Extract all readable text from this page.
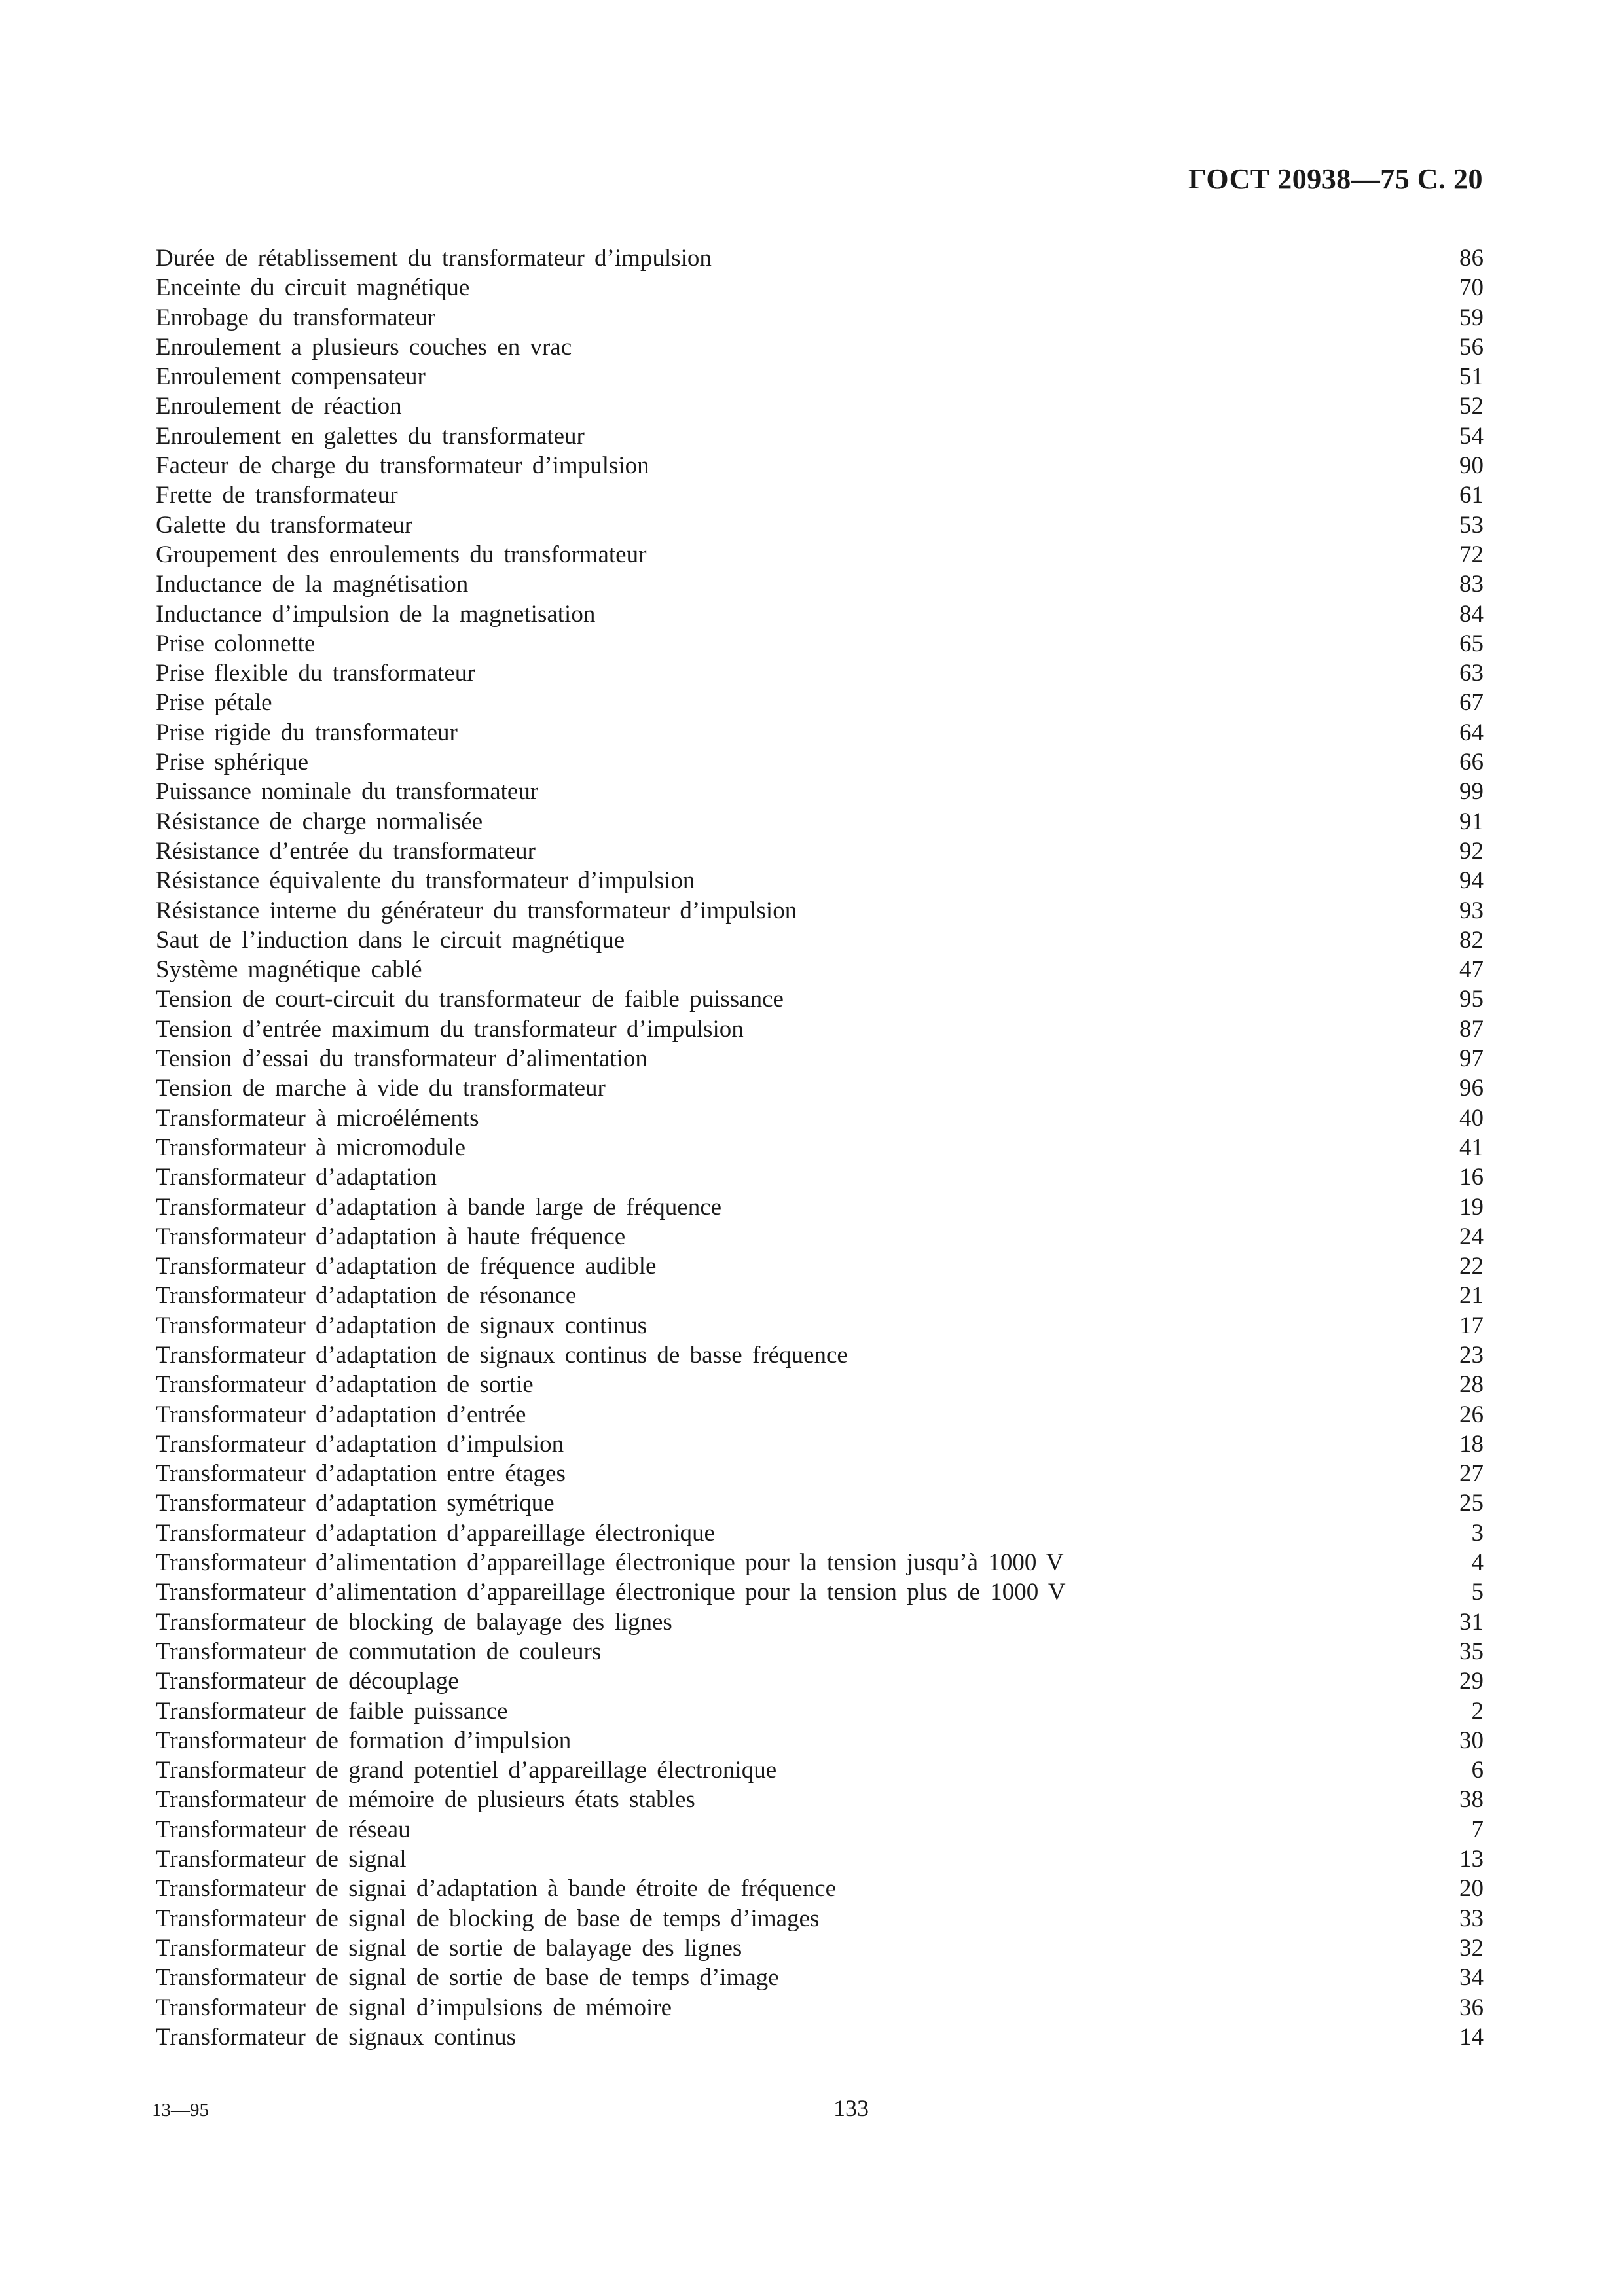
ГОСТ 20938—75 С. 20
Durée de rétablissement du transformateur d’impulsion	86
Enceinte du circuit magnétique	70
Enrobage du transformateur	59
Enroulement a plusieurs couches en vrac	56
Enroulement compensateur	51
Enroulement de réaction	52
Enroulement en galettes du transformateur	54
Facteur de charge du transformateur d’impulsion	90
Frette de transformateur	61
Galette du transformateur	53
Groupement des enroulements du transformateur	72
Inductance de la magnétisation	83
Inductance d’impulsion de la magnetisation	84
Prise colonnette	65
Prise flexible du transformateur	63
Prise pétale	67
Prise rigide du transformateur	64
Prise sphérique	66
Puissance nominale du transformateur	99
Résistance de charge normalisée	91
Résistance d’entrée du transformateur	92
Résistance équivalente du transformateur d’impulsion	94
Résistance interne du générateur du transformateur d’impulsion	93
Saut de l’induction dans le circuit magnétique	82
Système magnétique cablé	47
Tension de court-circuit du transformateur de faible puissance	95
Tension d’entrée maximum du transformateur d’impulsion	87
Tension d’essai du transformateur d’alimentation	97
Tension de marche à vide du transformateur	96
Transformateur à microéléments	40
Transformateur à micromodule	41
Transformateur d’adaptation	16
Transformateur d’adaptation à bande large de fréquence	19
Transformateur d’adaptation à haute fréquence	24
Transformateur d’adaptation de fréquence audible	22
Transformateur d’adaptation de résonance	21
Transformateur d’adaptation de signaux continus	17
Transformateur d’adaptation de signaux continus de basse fréquence	23
Transformateur d’adaptation de sortie	28
Transformateur d’adaptation d’entrée	26
Transformateur d’adaptation d’impulsion	18
Transformateur d’adaptation entre étages	27
Transformateur d’adaptation symétrique	25
Transformateur d’adaptation d’appareillage électronique	3
Transformateur d’alimentation d’appareillage électronique pour la tension jusqu’à 1000 V	4
Transformateur d’alimentation d’appareillage électronique pour la tension plus de 1000 V	5
Transformateur de blocking de balayage des lignes	31
Transformateur de commutation de couleurs	35
Transformateur de découplage	29
Transformateur de faible puissance	2
Transformateur de formation d’impulsion	30
Transformateur de grand potentiel d’appareillage électronique	6
Transformateur de mémoire de plusieurs états stables	38
Transformateur de réseau	7
Transformateur de signal	13
Transformateur de signai d’adaptation à bande étroite de fréquence	20
Transformateur de signal de blocking de base de temps d’images	33
Transformateur de signal de sortie de balayage des lignes	32
Transformateur de signal de sortie de base de temps d’image	34
Transformateur de signal d’impulsions de mémoire	36
Transformateur de signaux continus	14
13—95	133
